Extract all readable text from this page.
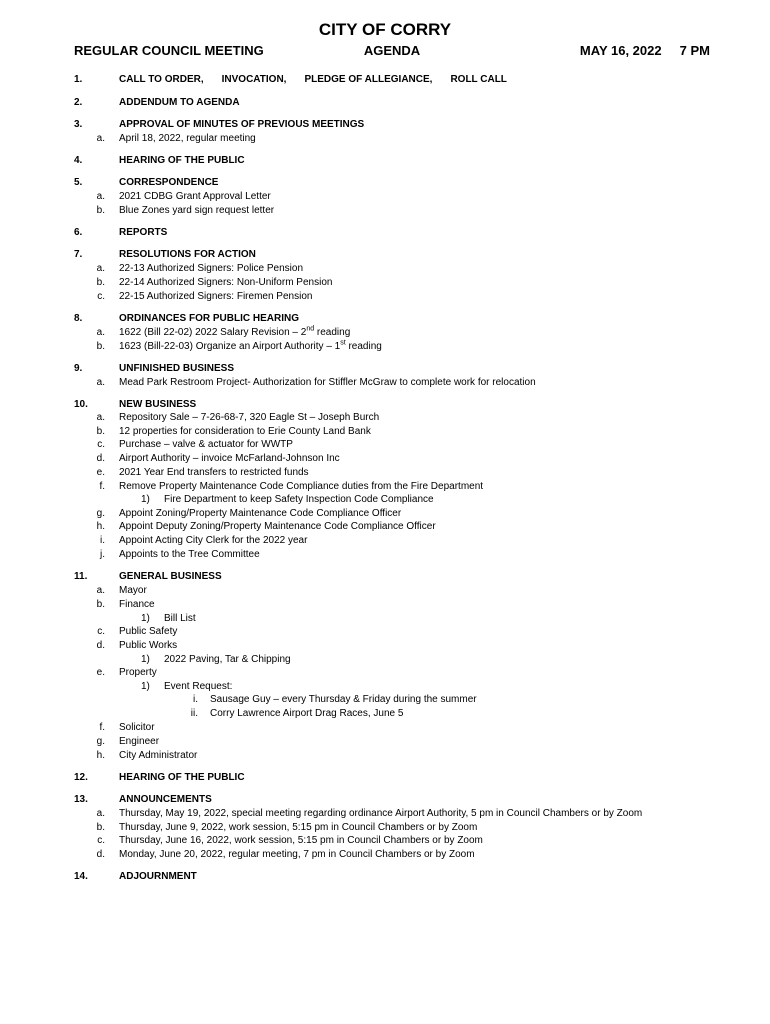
CITY OF CORRY
REGULAR COUNCIL MEETING	AGENDA	MAY 16, 2022     7 PM
1.	CALL TO ORDER, INVOCATION, PLEDGE OF ALLEGIANCE, ROLL CALL
2.	ADDENDUM TO AGENDA
3.	APPROVAL OF MINUTES OF PREVIOUS MEETINGS
a. April 18, 2022, regular meeting
4.	HEARING OF THE PUBLIC
5.	CORRESPONDENCE
a. 2021 CDBG Grant Approval Letter
b. Blue Zones yard sign request letter
6.	REPORTS
7.	RESOLUTIONS FOR ACTION
a. 22-13 Authorized Signers: Police Pension
b. 22-14 Authorized Signers: Non-Uniform Pension
c. 22-15 Authorized Signers: Firemen Pension
8.	ORDINANCES FOR PUBLIC HEARING
a. 1622 (Bill 22-02) 2022 Salary Revision – 2nd reading
b. 1623 (Bill-22-03) Organize an Airport Authority – 1st reading
9.	UNFINISHED BUSINESS
a. Mead Park Restroom Project- Authorization for Stiffler McGraw to complete work for relocation
10.	NEW BUSINESS
a. Repository Sale – 7-26-68-7, 320 Eagle St – Joseph Burch
b. 12 properties for consideration to Erie County Land Bank
c. Purchase – valve & actuator for WWTP
d. Airport Authority – invoice McFarland-Johnson Inc
e. 2021 Year End transfers to restricted funds
f. Remove Property Maintenance Code Compliance duties from the Fire Department
1) Fire Department to keep Safety Inspection Code Compliance
g. Appoint Zoning/Property Maintenance Code Compliance Officer
h. Appoint Deputy Zoning/Property Maintenance Code Compliance Officer
i. Appoint Acting City Clerk for the 2022 year
j. Appoints to the Tree Committee
11.	GENERAL BUSINESS
a. Mayor
b. Finance
1) Bill List
c. Public Safety
d. Public Works
1) 2022 Paving, Tar & Chipping
e. Property
1) Event Request:
i. Sausage Guy – every Thursday & Friday during the summer
ii. Corry Lawrence Airport Drag Races, June 5
f. Solicitor
g. Engineer
h. City Administrator
12.	HEARING OF THE PUBLIC
13.	ANNOUNCEMENTS
a. Thursday, May 19, 2022, special meeting regarding ordinance Airport Authority, 5 pm in Council Chambers or by Zoom
b. Thursday, June 9, 2022, work session, 5:15 pm in Council Chambers or by Zoom
c. Thursday, June 16, 2022, work session, 5:15 pm in Council Chambers or by Zoom
d. Monday, June 20, 2022, regular meeting, 7 pm in Council Chambers or by Zoom
14.	ADJOURNMENT
